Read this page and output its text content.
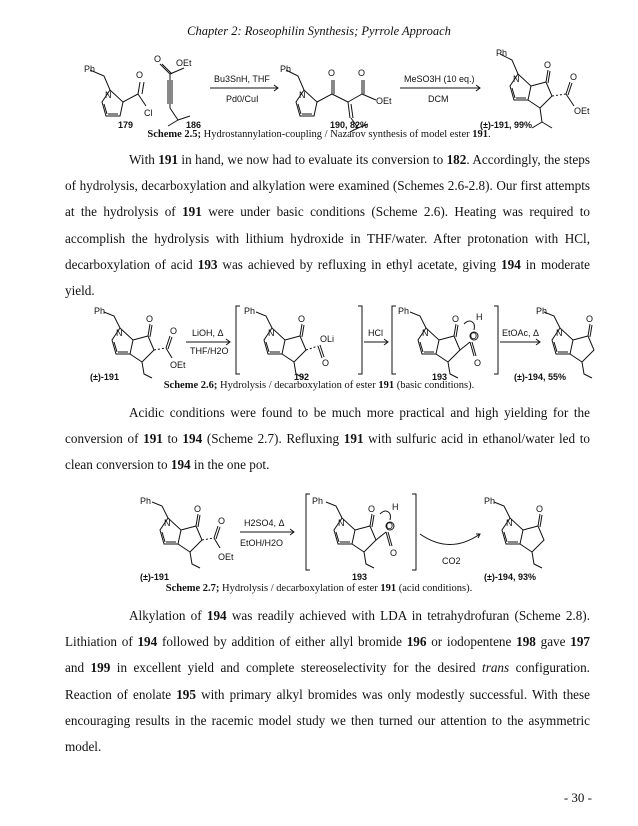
Chapter 2: Roseophilin Synthesis; Pyrrole Approach
Ph
N
O
Cl
O OEt
Bu3SnH, THF
Pd0/CuI
Ph
N
O	O
OEt
MeSO3H (10 eq.)
DCM
Ph
N
O
O
OEt
179	186	190, 82%	(±)-191, 99%
Scheme 2.5; Hydrostannylation-coupling / Nazarov synthesis of model ester 191.

With 191 in hand, we now had to evaluate its conversion to 182. Accordingly, the steps of hydrolysis, decarboxylation and alkylation were examined (Schemes 2.6-2.8). Our first attempts at the hydrolysis of 191 were under basic conditions (Scheme 2.6). Heating was required to accomplish the hydrolysis with lithium hydroxide in THF/water. After protonation with HCl, decarboxylation of acid 193 was achieved by refluxing in ethyl acetate, giving 194 in moderate yield.

Ph
N
O
O
OEt
LiOH, Δ
THF/H2O
Ph
N
O
OLi
O
HCl
Ph
N
O H
O
O
EtOAc, Δ
Ph
N
O
(±)-191	192	193	(±)-194, 55%
Scheme 2.6; Hydrolysis / decarboxylation of ester 191 (basic conditions).

Acidic conditions were found to be much more practical and high yielding for the conversion of 191 to 194 (Scheme 2.7). Refluxing 191 with sulfuric acid in ethanol/water led to clean conversion to 194 in the one pot.

Ph
N
O
O
OEt
H2SO4, Δ
EtOH/H2O
Ph
N
O H
O
O
CO2
Ph
N
O
(±)-191	193	(±)-194, 93%
Scheme 2.7; Hydrolysis / decarboxylation of ester 191 (acid conditions).

Alkylation of 194 was readily achieved with LDA in tetrahydrofuran (Scheme 2.8). Lithiation of 194 followed by addition of either allyl bromide 196 or iodopentene 198 gave 197 and 199 in excellent yield and complete stereoselectivity for the desired trans configuration. Reaction of enolate 195 with primary alkyl bromides was only modestly successful. With these encouraging results in the racemic model study we then turned our attention to the asymmetric model.

- 30 -
